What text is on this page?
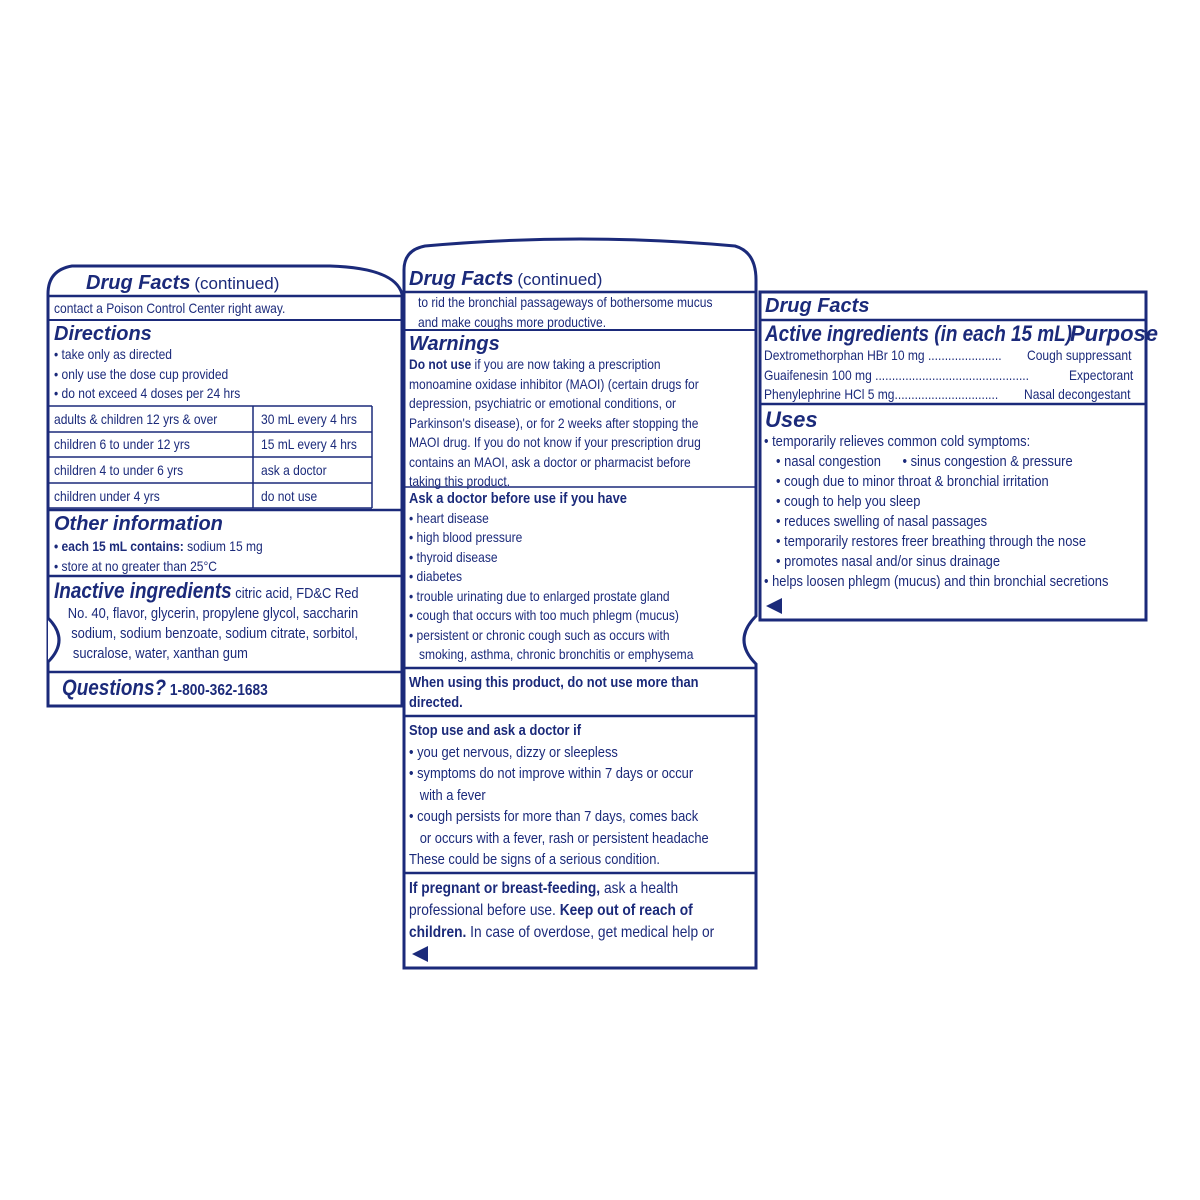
Drug Facts (continued)
contact a Poison Control Center right away.
Directions
• take only as directed
• only use the dose cup provided
• do not exceed 4 doses per 24 hrs
adults & children 12 yrs & over	30 mL every 4 hrs
children 6 to under 12 yrs	15 mL every 4 hrs
children 4 to under 6 yrs	ask a doctor
children under 4 yrs	do not use
Other information
• each 15 mL contains: sodium 15 mg
• store at no greater than 25°C
Inactive ingredients citric acid, FD&C Red
No. 40, flavor, glycerin, propylene glycol, saccharin
sodium, sodium benzoate, sodium citrate, sorbitol,
sucralose, water, xanthan gum
Questions? 1-800-362-1683
Drug Facts (continued)
to rid the bronchial passageways of bothersome mucus
and make coughs more productive.
Warnings
Do not use if you are now taking a prescription
monoamine oxidase inhibitor (MAOI) (certain drugs for
depression, psychiatric or emotional conditions, or
Parkinson's disease), or for 2 weeks after stopping the
MAOI drug. If you do not know if your prescription drug
contains an MAOI, ask a doctor or pharmacist before
taking this product.
Ask a doctor before use if you have
• heart disease
• high blood pressure
• thyroid disease
• diabetes
• trouble urinating due to enlarged prostate gland
• cough that occurs with too much phlegm (mucus)
• persistent or chronic cough such as occurs with
smoking, asthma, chronic bronchitis or emphysema
When using this product, do not use more than
directed.
Stop use and ask a doctor if
• you get nervous, dizzy or sleepless
• symptoms do not improve within 7 days or occur
with a fever
• cough persists for more than 7 days, comes back
or occurs with a fever, rash or persistent headache
These could be signs of a serious condition.
If pregnant or breast-feeding, ask a health
professional before use. Keep out of reach of
children. In case of overdose, get medical help or
Drug Facts
Active ingredients (in each 15 mL)
Purpose
Dextromethorphan HBr 10 mg ...................... Cough suppressant
Guaifenesin 100 mg ..............................................	Expectorant
Phenylephrine HCl 5 mg............................... Nasal decongestant
Uses
• temporarily relieves common cold symptoms:
• nasal congestion      • sinus congestion & pressure
• cough due to minor throat & bronchial irritation
• cough to help you sleep
• reduces swelling of nasal passages
• temporarily restores freer breathing through the nose
• promotes nasal and/or sinus drainage
• helps loosen phlegm (mucus) and thin bronchial secretions
